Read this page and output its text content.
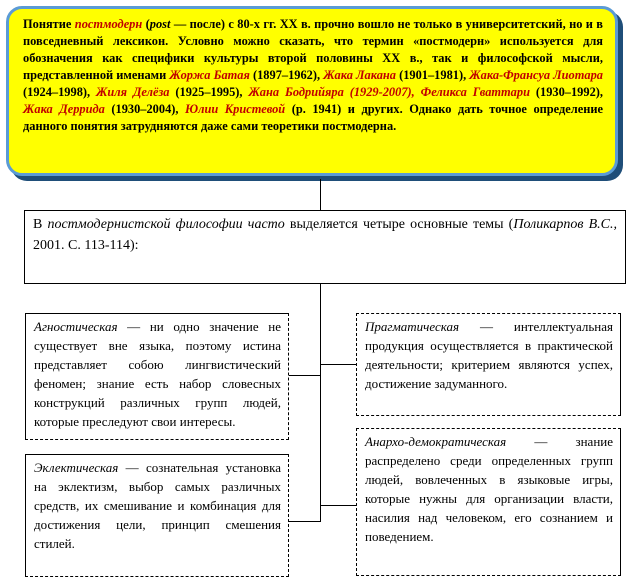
Понятие постмодерн (post — после) с 80-х гг. XX в. прочно вошло не только в университетский, но и в повседневный лексикон. Условно можно сказать, что термин «постмодерн» используется для обозначения как специфики культуры второй половины XX в., так и философской мысли, представленной именами Жоржа Батая (1897–1962), Жака Лакана (1901–1981), Жака-Франсуа Лиотара (1924–1998), Жиля Делёза (1925–1995), Жана Бодрийяра (1929-2007), Феликса Гваттари (1930–1992), Жака Деррида (1930–2004), Юлии Кристевой (р. 1941) и других. Однако дать точное определение данного понятия затрудняются даже сами теоретики постмодерна.
В постмодернистской философии часто выделяется четыре основные темы (Поликарпов В.С., 2001. С. 113-114):
Агностическая — ни одно значение не существует вне языка, поэтому истина представляет собою лингвистический феномен; знание есть набор словесных конструкций различных групп людей, которые преследуют свои интересы.
Эклектическая — сознательная установка на эклектизм, выбор самых различных средств, их смешивание и комбинация для достижения цели, принцип смешения стилей.
Прагматическая — интеллектуальная продукция осуществляется в практической деятельности; критерием являются успех, достижение задуманного.
Анархо-демократическая — знание распределено среди определенных групп людей, вовлеченных в языковые игры, которые нужны для организации власти, насилия над человеком, его сознанием и поведением.
